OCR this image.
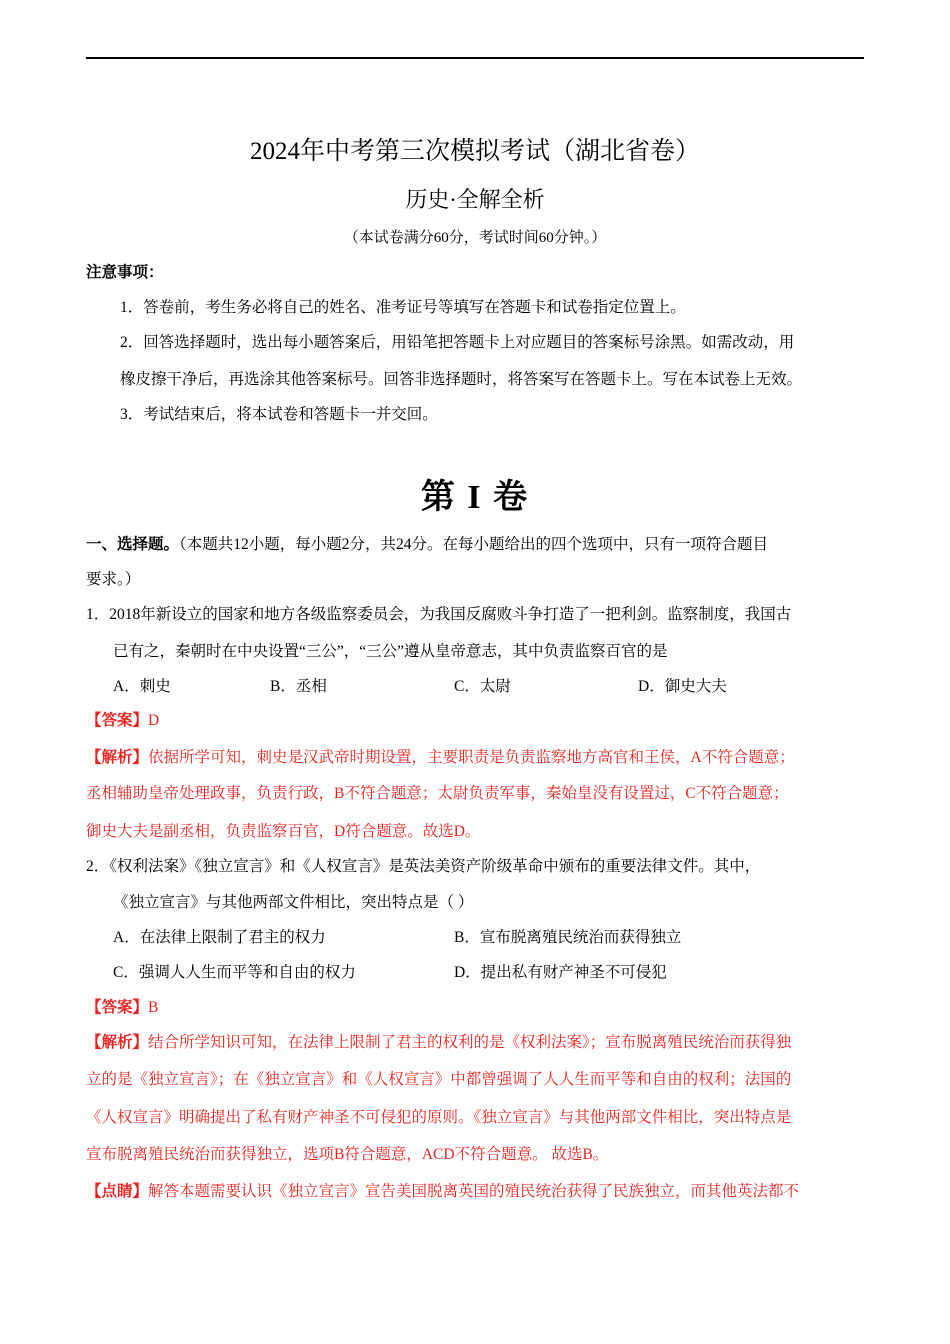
2024年中考第三次模拟考试（湖北省卷）
历史·全解全析
（本试卷满分60分，考试时间60分钟。）
注意事项：
1．答卷前，考生务必将自己的姓名、准考证号等填写在答题卡和试卷指定位置上。
2．回答选择题时，选出每小题答案后，用铅笔把答题卡上对应题目的答案标号涂黑。如需改动，用
橡皮擦干净后，再选涂其他答案标号。回答非选择题时，将答案写在答题卡上。写在本试卷上无效。
3．考试结束后，将本试卷和答题卡一并交回。
第 I 卷
一、选择题。（本题共12小题，每小题2分，共24分。在每小题给出的四个选项中，只有一项符合题目
要求。）
1．2018年新设立的国家和地方各级监察委员会，为我国反腐败斗争打造了一把利剑。监察制度，我国古
已有之，秦朝时在中央设置“三公”，“三公”遵从皇帝意志，其中负责监察百官的是
A．刺史	B．丞相	C．太尉	D．御史大夫
【答案】D
【解析】依据所学可知，刺史是汉武帝时期设置，主要职责是负责监察地方高官和王侯，A不符合题意；
丞相辅助皇帝处理政事，负责行政，B不符合题意；太尉负责军事，秦始皇没有设置过，C不符合题意；
御史大夫是副丞相，负责监察百官，D符合题意。故选D。
2．《权利法案》《独立宣言》和《人权宣言》是英法美资产阶级革命中颁布的重要法律文件。其中，
《独立宣言》与其他两部文件相比，突出特点是（ ）
A．在法律上限制了君主的权力	B．宣布脱离殖民统治而获得独立
C．强调人人生而平等和自由的权力	D．提出私有财产神圣不可侵犯
【答案】B
【解析】结合所学知识可知，在法律上限制了君主的权利的是《权利法案》；宣布脱离殖民统治而获得独
立的是《独立宣言》；在《独立宣言》和《人权宣言》中都曾强调了人人生而平等和自由的权利；法国的
《人权宣言》明确提出了私有财产神圣不可侵犯的原则。《独立宣言》与其他两部文件相比，突出特点是
宣布脱离殖民统治而获得独立，选项B符合题意，ACD不符合题意。 故选B。
【点睛】解答本题需要认识《独立宣言》宣告美国脱离英国的殖民统治获得了民族独立，而其他英法都不
